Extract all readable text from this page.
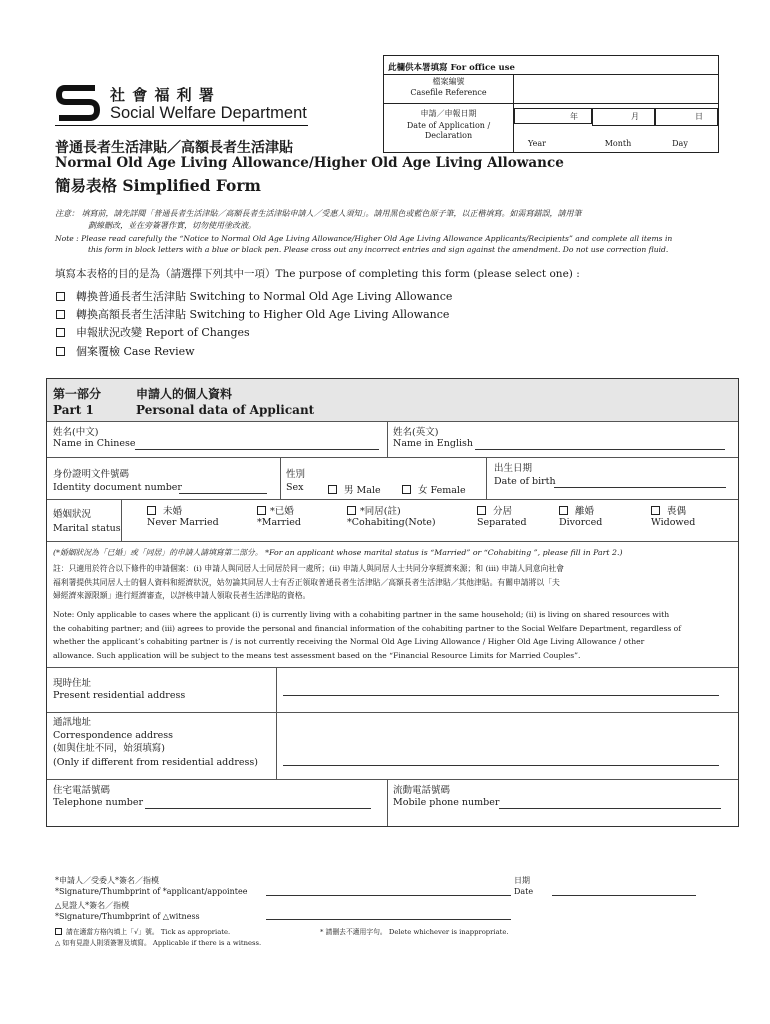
社 會 福 利 署
Social Welfare Department
此欄供本署填寫 For office use
檔案編號
Casefile Reference
申請／申報日期
Date of Application /
Declaration
Year	Month	Day
年	月	日
普通長者生活津貼／高額長者生活津貼
Normal Old Age Living Allowance/Higher Old Age Living Allowance
簡易表格 Simplified Form
注意： 填寫前，請先詳閱「普通長者生活津貼／高額長者生活津貼申請人／受惠人須知」。請用黑色或藍色原子筆，以正楷填寫。如需寫錯誤，請用筆
劃線刪改，並在旁簽署作實，切勿使用塗改液。
Note : Please read carefully the “Notice to Normal Old Age Living Allowance/Higher Old Age Living Allowance Applicants/Recipients” and complete all items in
this form in block letters with a blue or black pen. Please cross out any incorrect entries and sign against the amendment. Do not use correction fluid.
填寫本表格的目的是為（請選擇下列其中一項）The purpose of completing this form (please select one) :
轉換普通長者生活津貼 Switching to Normal Old Age Living Allowance
轉換高額長者生活津貼 Switching to Higher Old Age Living Allowance
申報狀況改變 Report of Changes
個案覆檢 Case Review
第一部分	申請人的個人資料
Part 1	Personal data of Applicant
姓名(中文)
Name in Chinese
姓名(英文)
Name in English
身份證明文件號碼
Identity document number
性別
Sex	男 Male	女 Female
出生日期
Date of birth
婚姻狀況
Marital status
未婚
Never Married
*已婚
*Married
*同居(註)
*Cohabiting(Note)
分居
Separated
離婚
Divorced
喪偶
Widowed
(*婚姻狀況為「已婚」或「同居」的申請人請填寫第二部分。 *For an applicant whose marital status is “Married” or “Cohabiting ”, please fill in Part 2.)
註：只適用於符合以下條件的申請個案：(i) 申請人與同居人士同居於同一處所；(ii) 申請人與同居人士共同分享經濟來源；和 (iii) 申請人同意向社會
福利署提供其同居人士的個人資料和經濟狀況，姑勿論其同居人士有否正領取普通長者生活津貼／高額長者生活津貼／其他津貼。有關申請將以「夫
婦經濟來源限額」進行經濟審查，以評核申請人領取長者生活津貼的資格。
Note: Only applicable to cases where the applicant (i) is currently living with a cohabiting partner in the same household; (ii) is living on shared resources with
the cohabiting partner; and (iii) agrees to provide the personal and financial information of the cohabiting partner to the Social Welfare Department, regardless of
whether the applicant’s cohabiting partner is / is not currently receiving the Normal Old Age Living Allowance / Higher Old Age Living Allowance / other
allowance. Such application will be subject to the means test assessment based on the “Financial Resource Limits for Married Couples”.
現時住址
Present residential address
通訊地址
Correspondence address
(如與住址不同，始須填寫)
(Only if different from residential address)
住宅電話號碼
Telephone number
流動電話號碼
Mobile phone number
*申請人／受委人*簽名／指模
*Signature/Thumbprint of *applicant/appointee
日期
Date
△見證人*簽名／指模
*Signature/Thumbprint of △witness
請在適當方格內填上「√」號。 Tick as appropriate.	* 請刪去不適用字句。 Delete whichever is inappropriate.
△ 如有見證人則須簽署及填寫。 Applicable if there is a witness.
